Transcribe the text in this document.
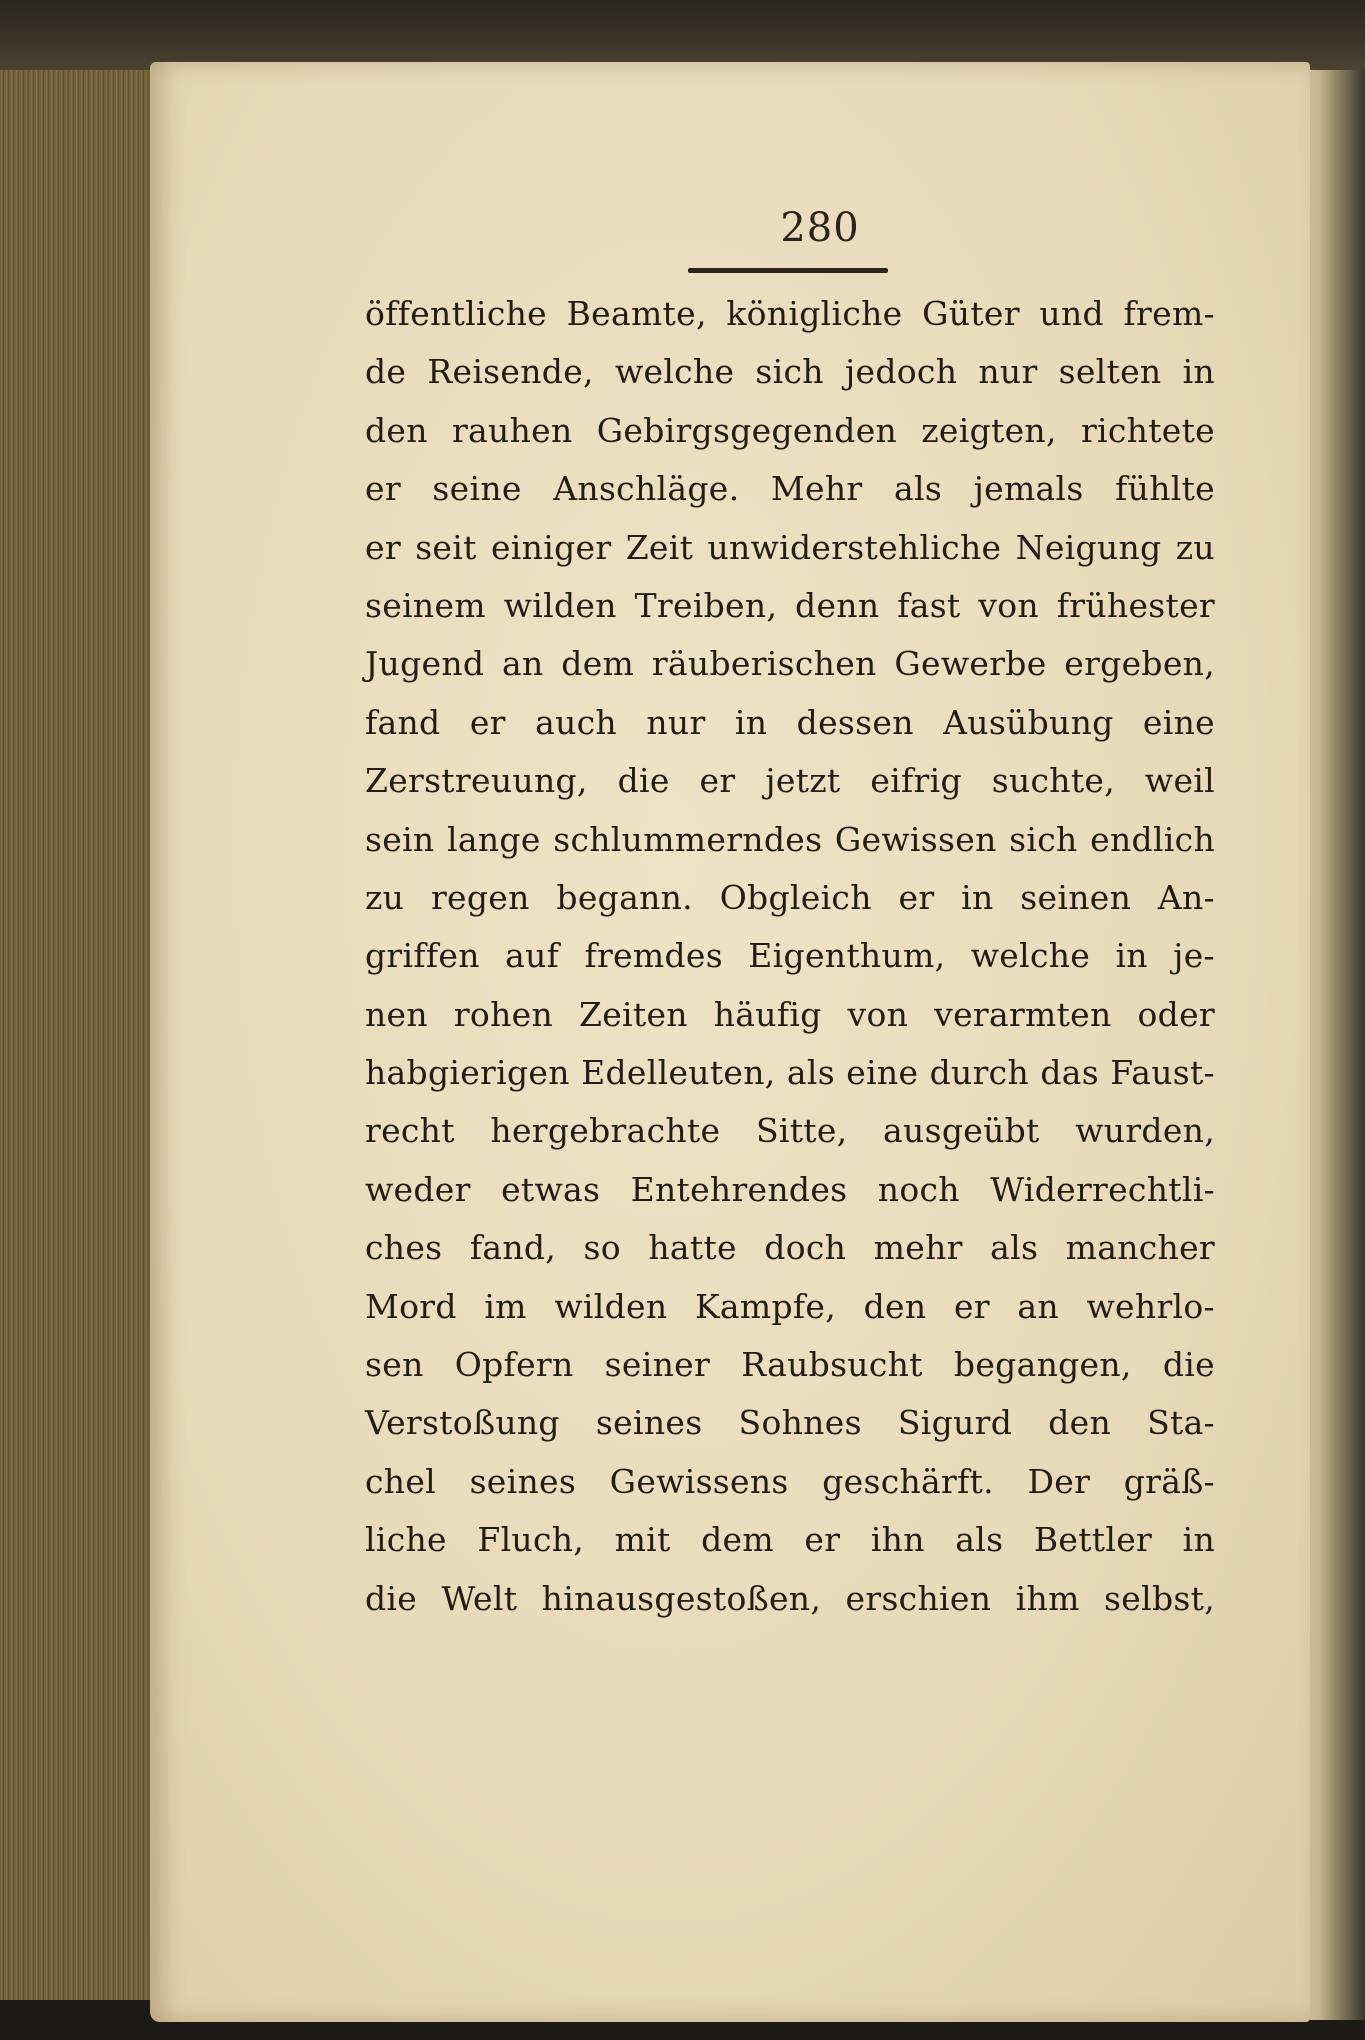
280
öffentliche Beamte, königliche Güter und frem-
de Reisende, welche sich jedoch nur selten in
den rauhen Gebirgsgegenden zeigten, richtete
er seine Anschläge. Mehr als jemals fühlte
er seit einiger Zeit unwiderstehliche Neigung zu
seinem wilden Treiben, denn fast von frühester
Jugend an dem räuberischen Gewerbe ergeben,
fand er auch nur in dessen Ausübung eine
Zerstreuung, die er jetzt eifrig suchte, weil
sein lange schlummerndes Gewissen sich endlich
zu regen begann. Obgleich er in seinen An-
griffen auf fremdes Eigenthum, welche in je-
nen rohen Zeiten häufig von verarmten oder
habgierigen Edelleuten, als eine durch das Faust-
recht hergebrachte Sitte, ausgeübt wurden,
weder etwas Entehrendes noch Widerrechtli-
ches fand, so hatte doch mehr als mancher
Mord im wilden Kampfe, den er an wehrlo-
sen Opfern seiner Raubsucht begangen, die
Verstoßung seines Sohnes Sigurd den Sta-
chel seines Gewissens geschärft. Der gräß-
liche Fluch, mit dem er ihn als Bettler in
die Welt hinausgestoßen, erschien ihm selbst,
